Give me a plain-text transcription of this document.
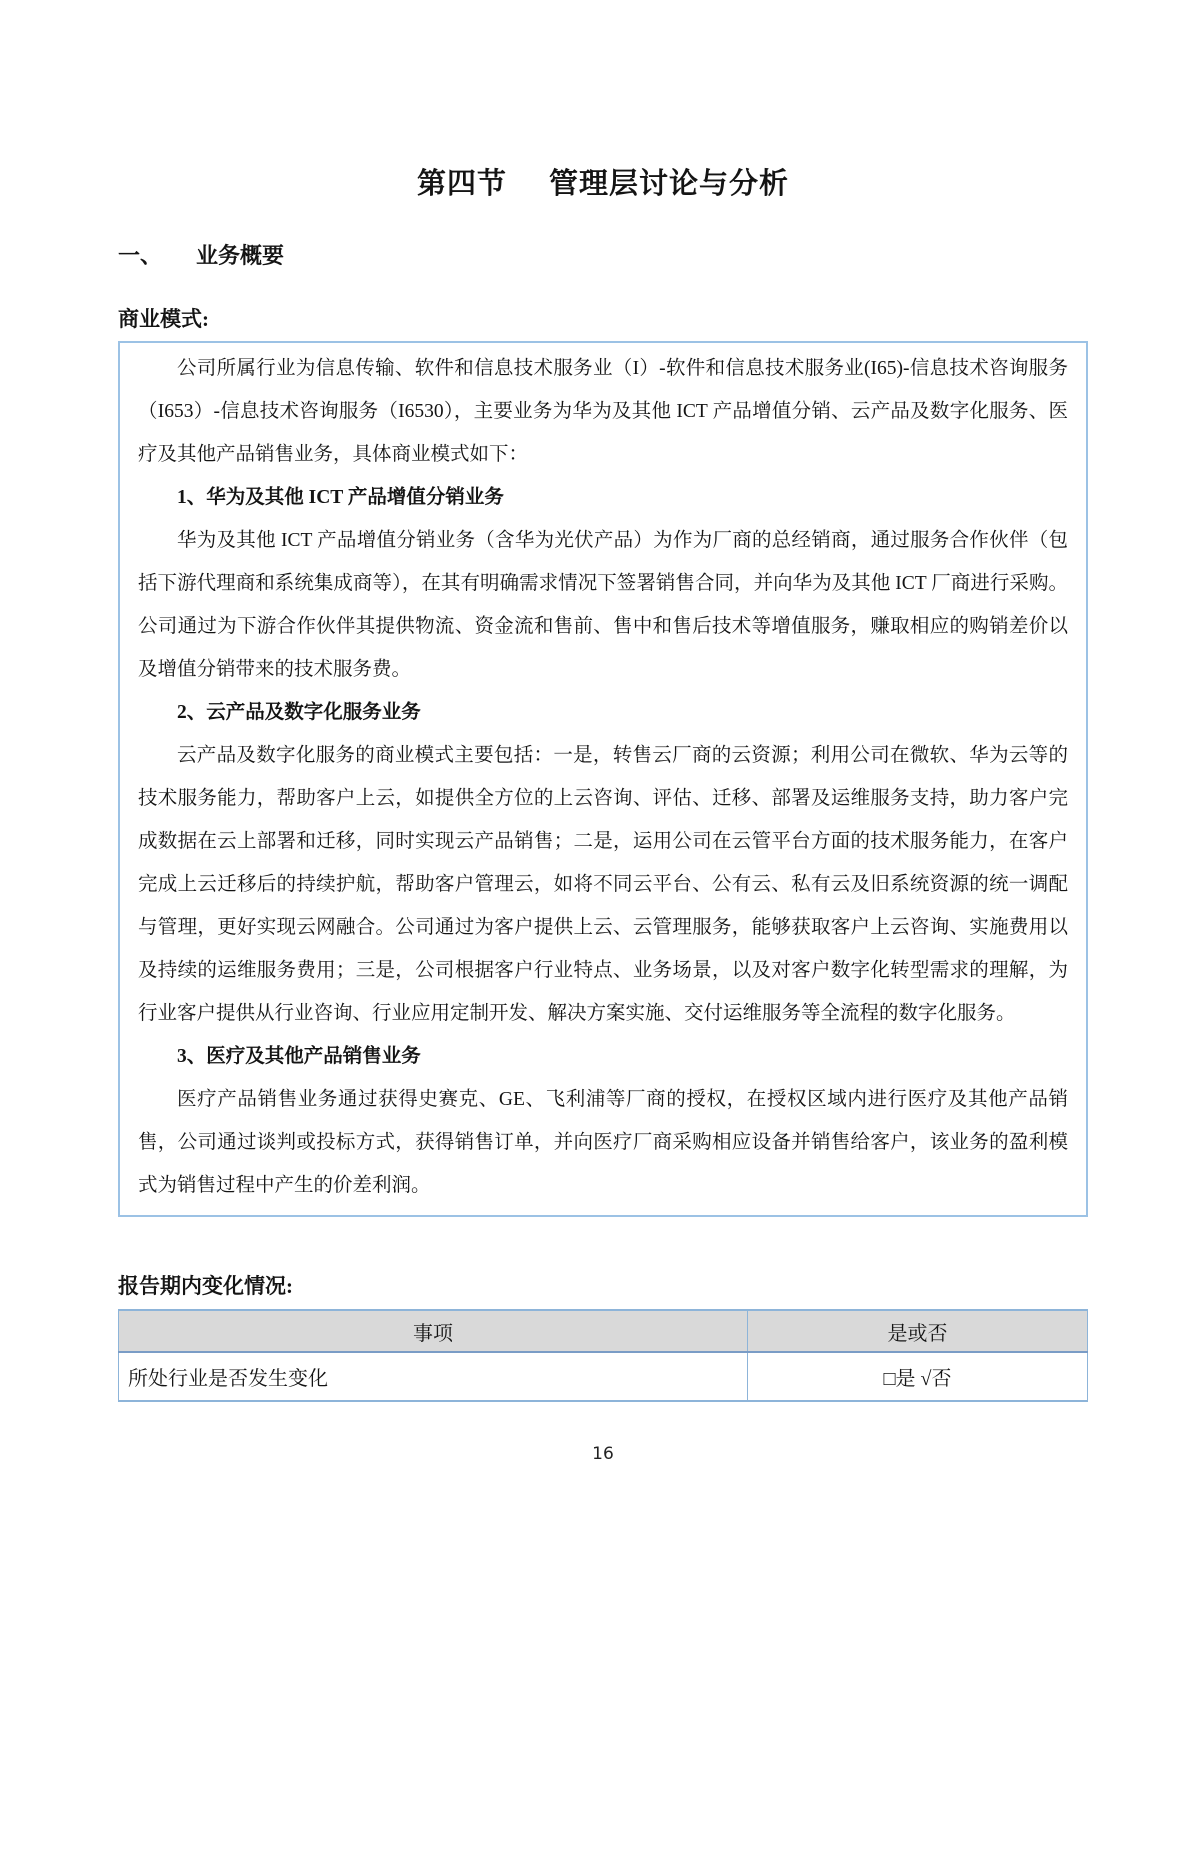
第四节 管理层讨论与分析
一、 业务概要
商业模式:

公司所属行业为信息传输、软件和信息技术服务业（I）-软件和信息技术服务业(I65)-信息技术咨询服务（I653）-信息技术咨询服务（I6530），主要业务为华为及其他 ICT 产品增值分销、云产品及数字化服务、医疗及其他产品销售业务，具体商业模式如下：

1、华为及其他 ICT 产品增值分销业务

华为及其他 ICT 产品增值分销业务（含华为光伏产品）为作为厂商的总经销商，通过服务合作伙伴（包括下游代理商和系统集成商等），在其有明确需求情况下签署销售合同，并向华为及其他 ICT 厂商进行采购。公司通过为下游合作伙伴其提供物流、资金流和售前、售中和售后技术等增值服务，赚取相应的购销差价以及增值分销带来的技术服务费。

2、云产品及数字化服务业务

云产品及数字化服务的商业模式主要包括：一是，转售云厂商的云资源；利用公司在微软、华为云等的技术服务能力，帮助客户上云，如提供全方位的上云咨询、评估、迁移、部署及运维服务支持，助力客户完成数据在云上部署和迁移，同时实现云产品销售；二是，运用公司在云管平台方面的技术服务能力，在客户完成上云迁移后的持续护航，帮助客户管理云，如将不同云平台、公有云、私有云及旧系统资源的统一调配与管理，更好实现云网融合。公司通过为客户提供上云、云管理服务，能够获取客户上云咨询、实施费用以及持续的运维服务费用；三是，公司根据客户行业特点、业务场景，以及对客户数字化转型需求的理解，为行业客户提供从行业咨询、行业应用定制开发、解决方案实施、交付运维服务等全流程的数字化服务。

3、医疗及其他产品销售业务

医疗产品销售业务通过获得史赛克、GE、飞利浦等厂商的授权，在授权区域内进行医疗及其他产品销售，公司通过谈判或投标方式，获得销售订单，并向医疗厂商采购相应设备并销售给客户，该业务的盈利模式为销售过程中产生的价差利润。

报告期内变化情况:
事项	是或否
所处行业是否发生变化	□是 √否
16
